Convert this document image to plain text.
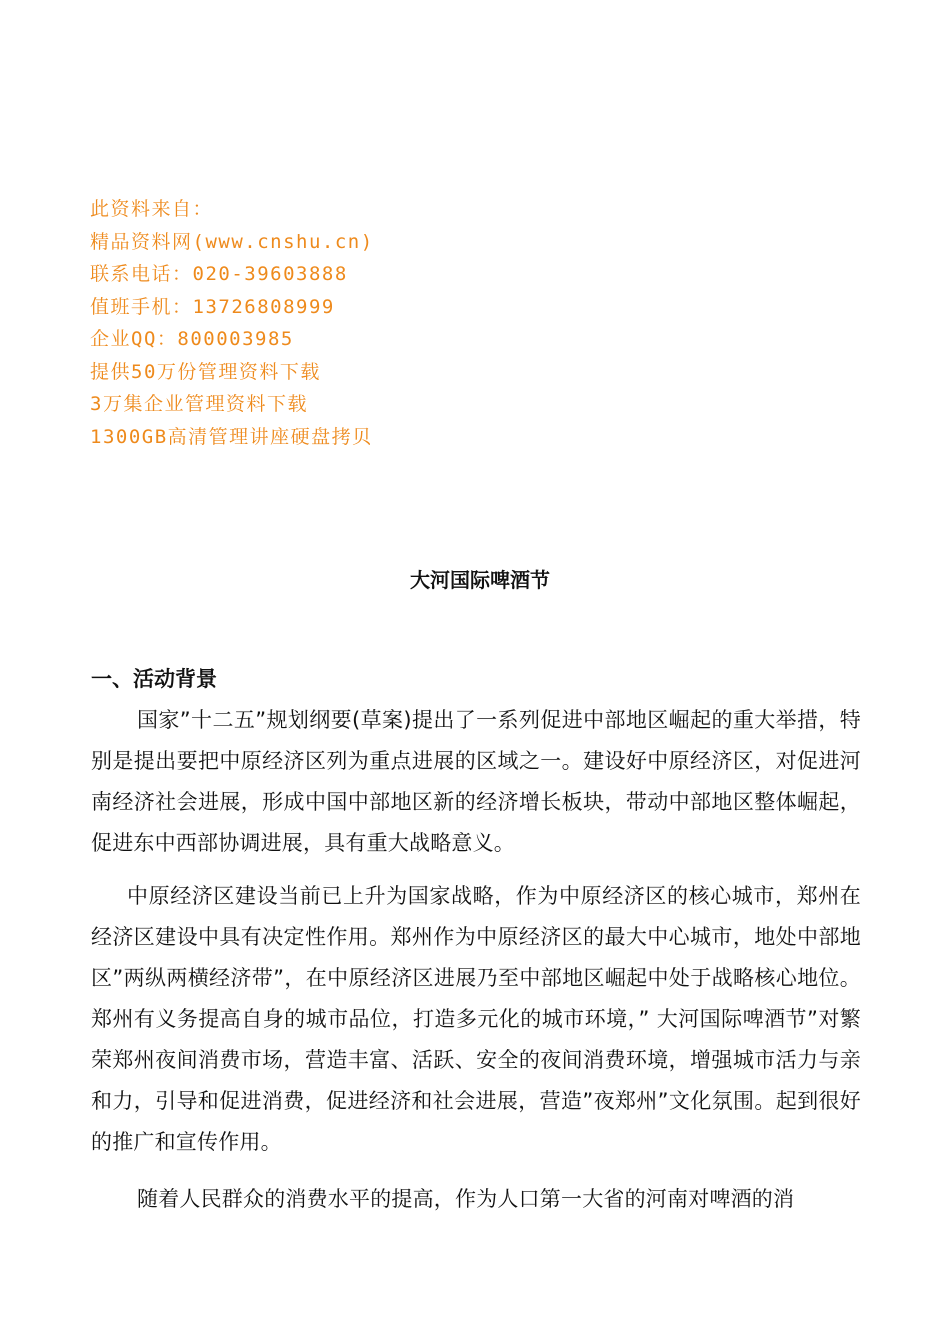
此资料来自：
精品资料网(www.cnshu.cn)
联系电话：020-39603888
值班手机：13726808999
企业QQ：800003985
提供50万份管理资料下载
3万集企业管理资料下载
1300GB高清管理讲座硬盘拷贝
大河国际啤酒节
一、活动背景
国家”十二五”规划纲要(草案)提出了一系列促进中部地区崛起的重大举措，特别是提出要把中原经济区列为重点进展的区域之一。建设好中原经济区，对促进河南经济社会进展，形成中国中部地区新的经济增长板块，带动中部地区整体崛起，促进东中西部协调进展，具有重大战略意义。
中原经济区建设当前已上升为国家战略，作为中原经济区的核心城市，郑州在经济区建设中具有决定性作用。郑州作为中原经济区的最大中心城市，地处中部地区”两纵两横经济带”，在中原经济区进展乃至中部地区崛起中处于战略核心地位。郑州有义务提高自身的城市品位，打造多元化的城市环境，” 大河国际啤酒节”对繁荣郑州夜间消费市场，营造丰富、活跃、安全的夜间消费环境，增强城市活力与亲和力，引导和促进消费，促进经济和社会进展，营造”夜郑州”文化氛围。起到很好的推广和宣传作用。
随着人民群众的消费水平的提高，作为人口第一大省的河南对啤酒的消
